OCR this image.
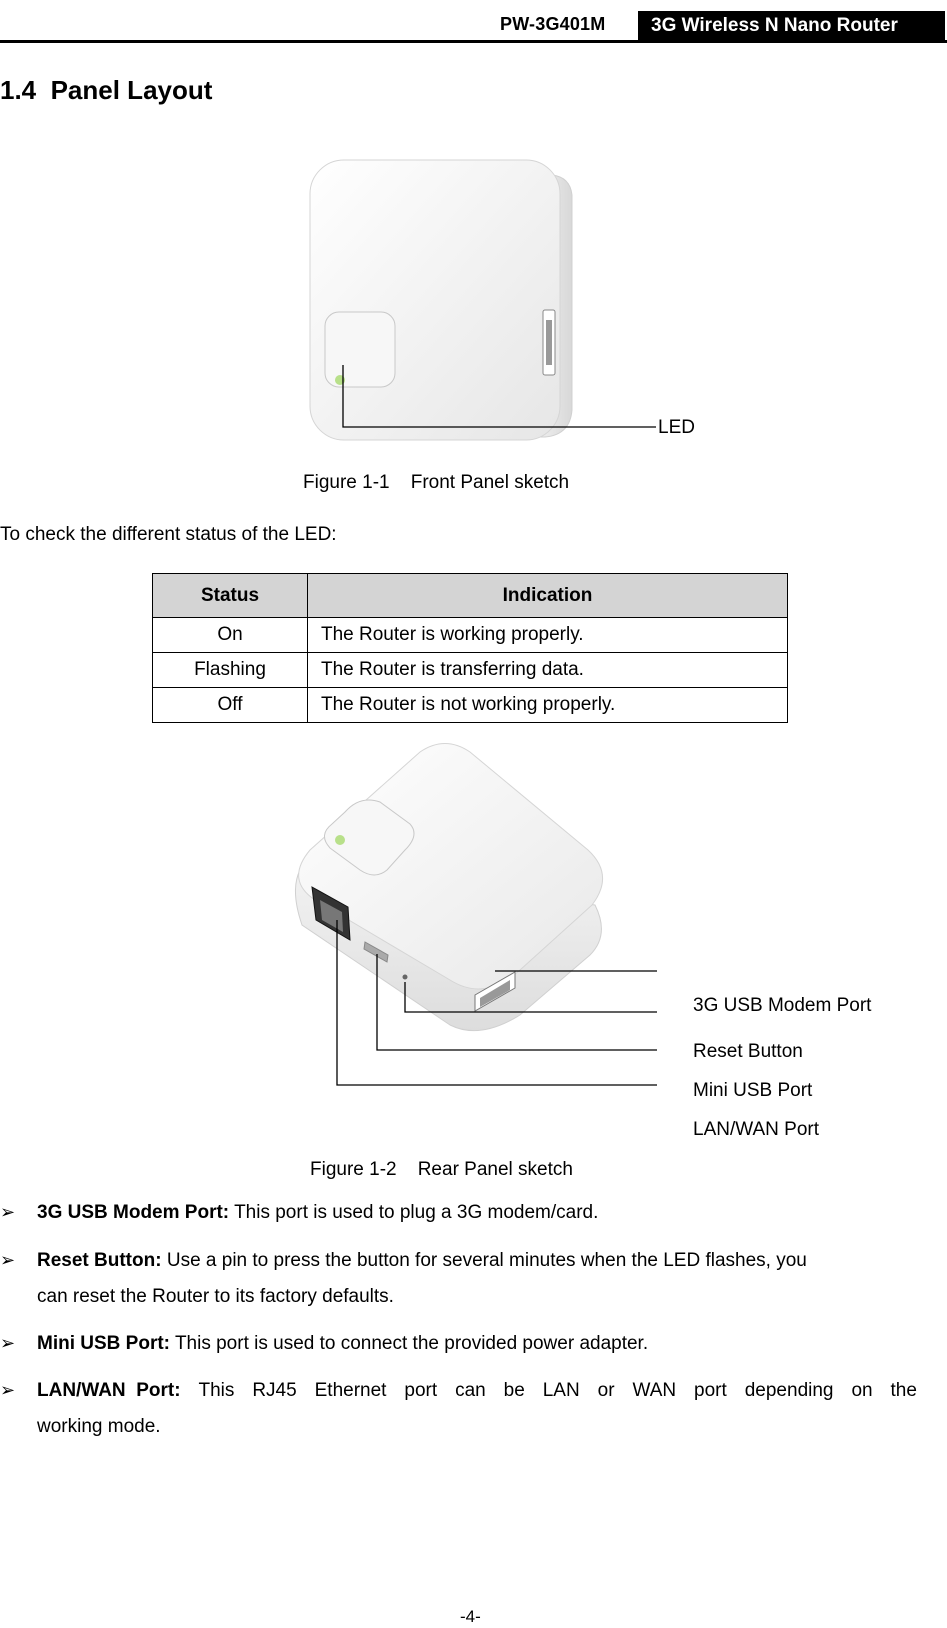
PW-3G401M 3G Wireless N Nano Router
1.4  Panel Layout
LED
Figure 1-1    Front Panel sketch
To check the different status of the LED:
Status	Indication
On	The Router is working properly.
Flashing	The Router is transferring data.
Off	The Router is not working properly.
3G USB Modem Port
Reset Button
Mini USB Port
LAN/WAN Port
Figure 1-2    Rear Panel sketch
➢ 3G USB Modem Port: This port is used to plug a 3G modem/card.
➢ Reset Button: Use a pin to press the button for several minutes when the LED flashes, you
can reset the Router to its factory defaults.
➢ Mini USB Port: This port is used to connect the provided power adapter.
➢ LAN/WAN  Port: This RJ45 Ethernet port can be LAN or WAN port depending on the
working mode.
-4-
